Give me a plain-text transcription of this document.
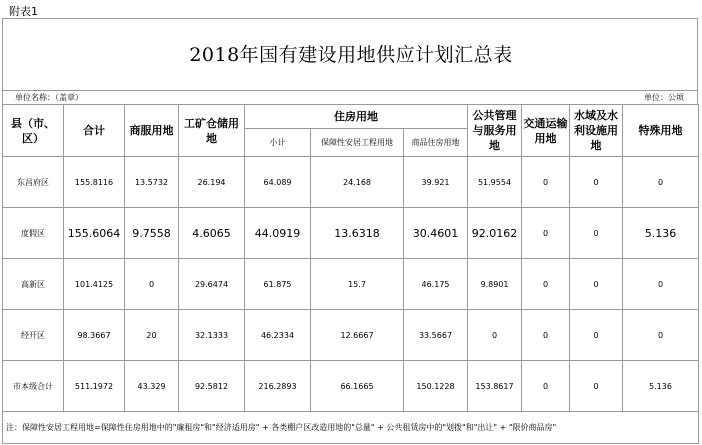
附表1
2018年国有建设用地供应计划汇总表
单位名称：（盖章）	单位：公顷
县（市、区）	合计	商服用地	工矿仓储用地	住房用地			公共管理与服务用地	交通运输用地	水域及水利设施用地	特殊用地
				小计	保障性安居工程用地	商品住房用地				
东昌府区	155.8116	13.5732	26.194	64.089	24.168	39.921	51.9554	0	0	0
度假区	155.6064	9.7558	4.6065	44.0919	13.6318	30.4601	92.0162	0	0	5.136
高新区	101.4125	0	29.6474	61.875	15.7	46.175	9.8901	0	0	0
经开区	98.3667	20	32.1333	46.2334	12.6667	33.5667	0	0	0	0
市本级合计	511.1972	43.329	92.5812	216.2893	66.1665	150.1228	153.8617	0	0	5.136
注：保障性安居工程用地=保障性住房用地中的"廉租房"和"经济适用房" + 各类棚户区改造用地的"总量" + 公共租赁房中的"划拨"和"出让" + "限价商品房"										
